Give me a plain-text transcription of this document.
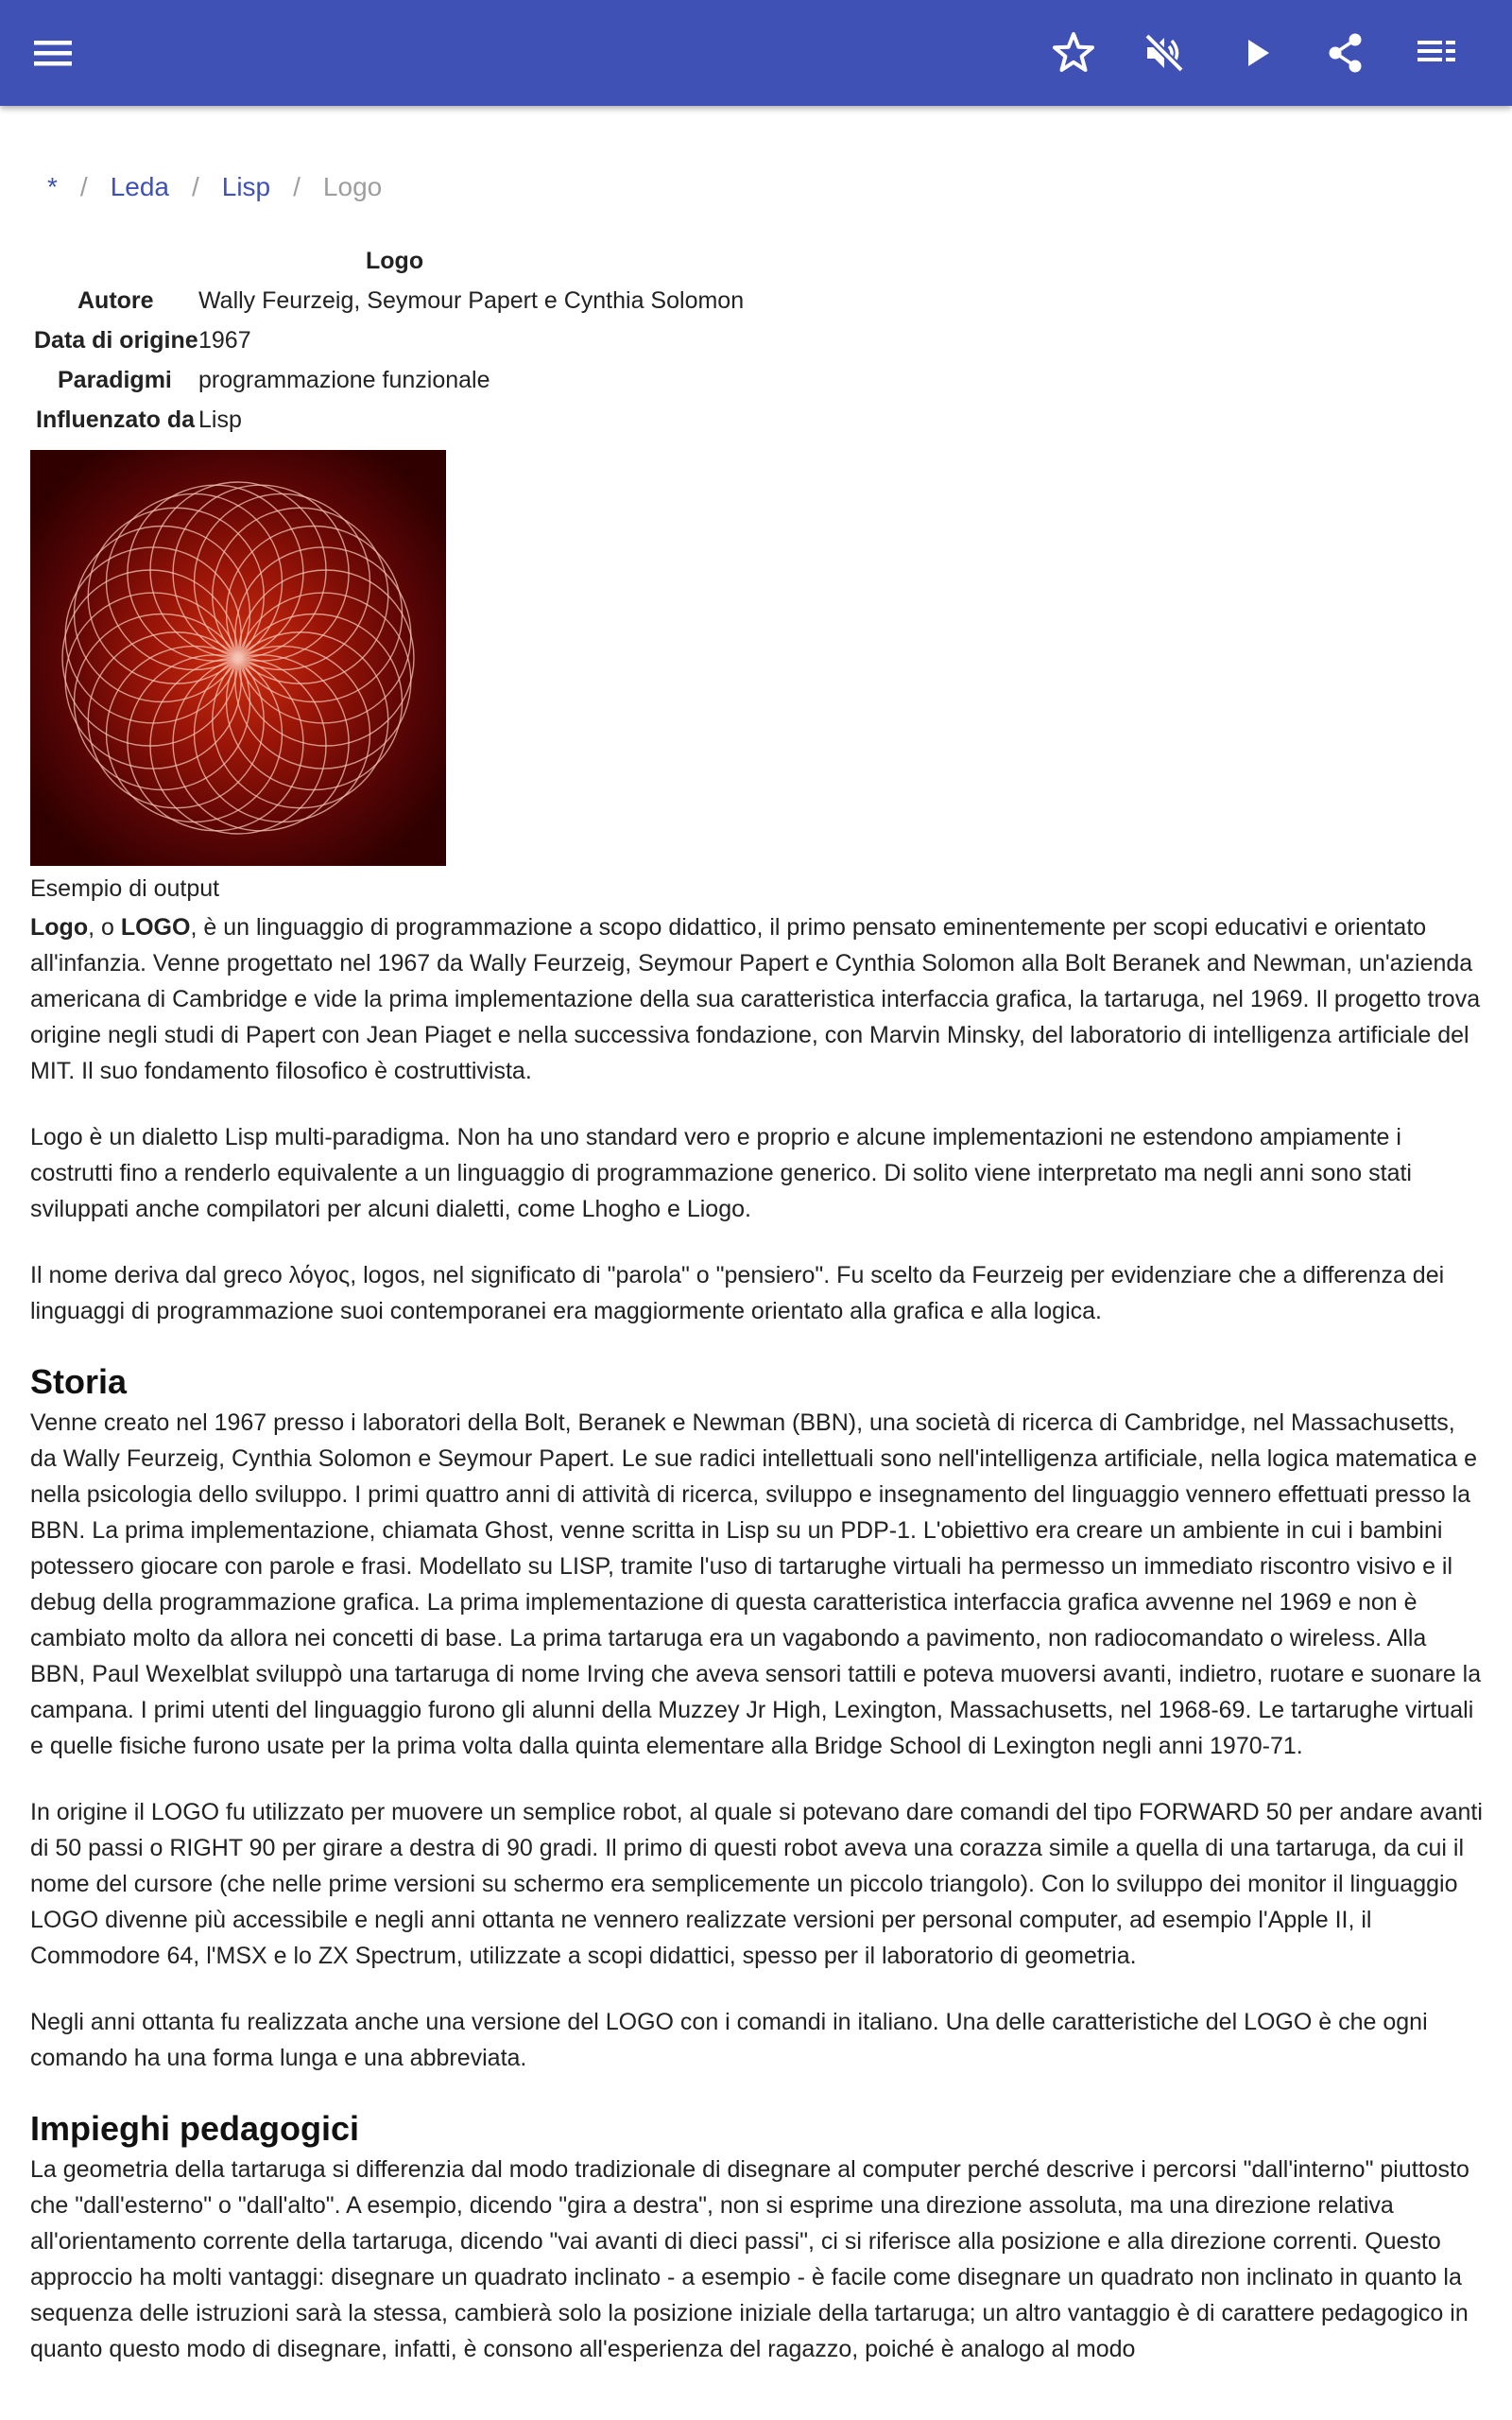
* / Leda / Lisp / Logo
Logo
Autore Wally Feurzeig, Seymour Papert e Cynthia Solomon
Data di origine 1967
Paradigmi programmazione funzionale
Influenzato da Lisp
Esempio di output

Logo, o LOGO, è un linguaggio di programmazione a scopo didattico, il primo pensato eminentemente per scopi educativi e orientato all'infanzia. Venne progettato nel 1967 da Wally Feurzeig, Seymour Papert e Cynthia Solomon alla Bolt Beranek and Newman, un'azienda americana di Cambridge e vide la prima implementazione della sua caratteristica interfaccia grafica, la tartaruga, nel 1969. Il progetto trova origine negli studi di Papert con Jean Piaget e nella successiva fondazione, con Marvin Minsky, del laboratorio di intelligenza artificiale del MIT. Il suo fondamento filosofico è costruttivista.

Logo è un dialetto Lisp multi-paradigma. Non ha uno standard vero e proprio e alcune implementazioni ne estendono ampiamente i costrutti fino a renderlo equivalente a un linguaggio di programmazione generico. Di solito viene interpretato ma negli anni sono stati sviluppati anche compilatori per alcuni dialetti, come Lhogho e Liogo.

Il nome deriva dal greco λόγος, logos, nel significato di "parola" o "pensiero". Fu scelto da Feurzeig per evidenziare che a differenza dei linguaggi di programmazione suoi contemporanei era maggiormente orientato alla grafica e alla logica.

Storia

Venne creato nel 1967 presso i laboratori della Bolt, Beranek e Newman (BBN), una società di ricerca di Cambridge, nel Massachusetts, da Wally Feurzeig, Cynthia Solomon e Seymour Papert. Le sue radici intellettuali sono nell'intelligenza artificiale, nella logica matematica e nella psicologia dello sviluppo. I primi quattro anni di attività di ricerca, sviluppo e insegnamento del linguaggio vennero effettuati presso la BBN. La prima implementazione, chiamata Ghost, venne scritta in Lisp su un PDP-1. L'obiettivo era creare un ambiente in cui i bambini potessero giocare con parole e frasi. Modellato su LISP, tramite l'uso di tartarughe virtuali ha permesso un immediato riscontro visivo e il debug della programmazione grafica. La prima implementazione di questa caratteristica interfaccia grafica avvenne nel 1969 e non è cambiato molto da allora nei concetti di base. La prima tartaruga era un vagabondo a pavimento, non radiocomandato o wireless. Alla BBN, Paul Wexelblat sviluppò una tartaruga di nome Irving che aveva sensori tattili e poteva muoversi avanti, indietro, ruotare e suonare la campana. I primi utenti del linguaggio furono gli alunni della Muzzey Jr High, Lexington, Massachusetts, nel 1968-69. Le tartarughe virtuali e quelle fisiche furono usate per la prima volta dalla quinta elementare alla Bridge School di Lexington negli anni 1970-71.

In origine il LOGO fu utilizzato per muovere un semplice robot, al quale si potevano dare comandi del tipo FORWARD 50 per andare avanti di 50 passi o RIGHT 90 per girare a destra di 90 gradi. Il primo di questi robot aveva una corazza simile a quella di una tartaruga, da cui il nome del cursore (che nelle prime versioni su schermo era semplicemente un piccolo triangolo). Con lo sviluppo dei monitor il linguaggio LOGO divenne più accessibile e negli anni ottanta ne vennero realizzate versioni per personal computer, ad esempio l'Apple II, il Commodore 64, l'MSX e lo ZX Spectrum, utilizzate a scopi didattici, spesso per il laboratorio di geometria.

Negli anni ottanta fu realizzata anche una versione del LOGO con i comandi in italiano. Una delle caratteristiche del LOGO è che ogni comando ha una forma lunga e una abbreviata.

Impieghi pedagogici

La geometria della tartaruga si differenzia dal modo tradizionale di disegnare al computer perché descrive i percorsi "dall'interno" piuttosto che "dall'esterno" o "dall'alto". A esempio, dicendo "gira a destra", non si esprime una direzione assoluta, ma una direzione relativa all'orientamento corrente della tartaruga, dicendo "vai avanti di dieci passi", ci si riferisce alla posizione e alla direzione correnti. Questo approccio ha molti vantaggi: disegnare un quadrato inclinato - a esempio - è facile come disegnare un quadrato non inclinato in quanto la sequenza delle istruzioni sarà la stessa, cambierà solo la posizione iniziale della tartaruga; un altro vantaggio è di carattere pedagogico in quanto questo modo di disegnare, infatti, è consono all'esperienza del ragazzo, poiché è analogo al modo
